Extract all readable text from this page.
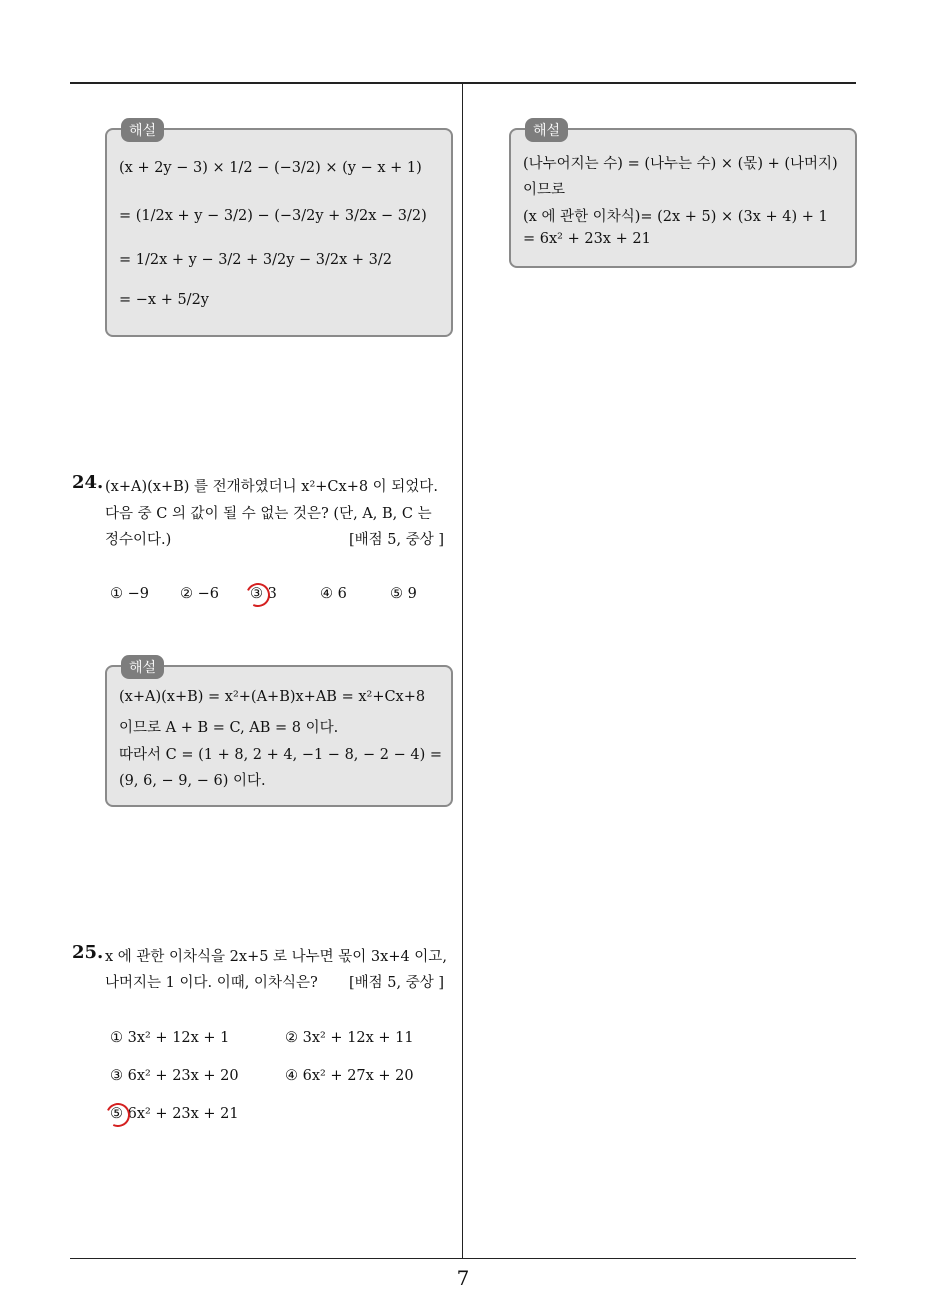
해설
(x + 2y − 3) × 1/2 − (−3/2) × (y − x + 1)
= (1/2x + y − 3/2) − (−3/2y + 3/2x − 3/2)
= 1/2x + y − 3/2 + 3/2y − 3/2x + 3/2
= −x + 5/2y
24. (x+A)(x+B) 를 전개하였더니 x²+Cx+8 이 되었다.
다음 중 C 의 값이 될 수 없는 것은? (단, A, B, C 는
정수이다.)	[배점 5, 중상 ]
① −9 ② −6 ③ 3	④ 6	⑤ 9
해설
(x+A)(x+B) = x²+(A+B)x+AB = x²+Cx+8
이므로 A + B = C, AB = 8 이다.
따라서 C = (1 + 8, 2 + 4, −1 − 8, − 2 − 4) =
(9, 6, − 9, − 6) 이다.
25. x 에 관한 이차식을 2x+5 로 나누면 몫이 3x+4 이고,
나머지는 1 이다. 이때, 이차식은? [배점 5, 중상 ]
① 3x² + 12x + 1	② 3x² + 12x + 11
③ 6x² + 23x + 20	④ 6x² + 27x + 20
⑤ 6x² + 23x + 21
해설
(나누어지는 수) = (나누는 수) × (몫) + (나머지)
이므로
(x 에 관한 이차식)= (2x + 5) × (3x + 4) + 1
= 6x² + 23x + 21
7
